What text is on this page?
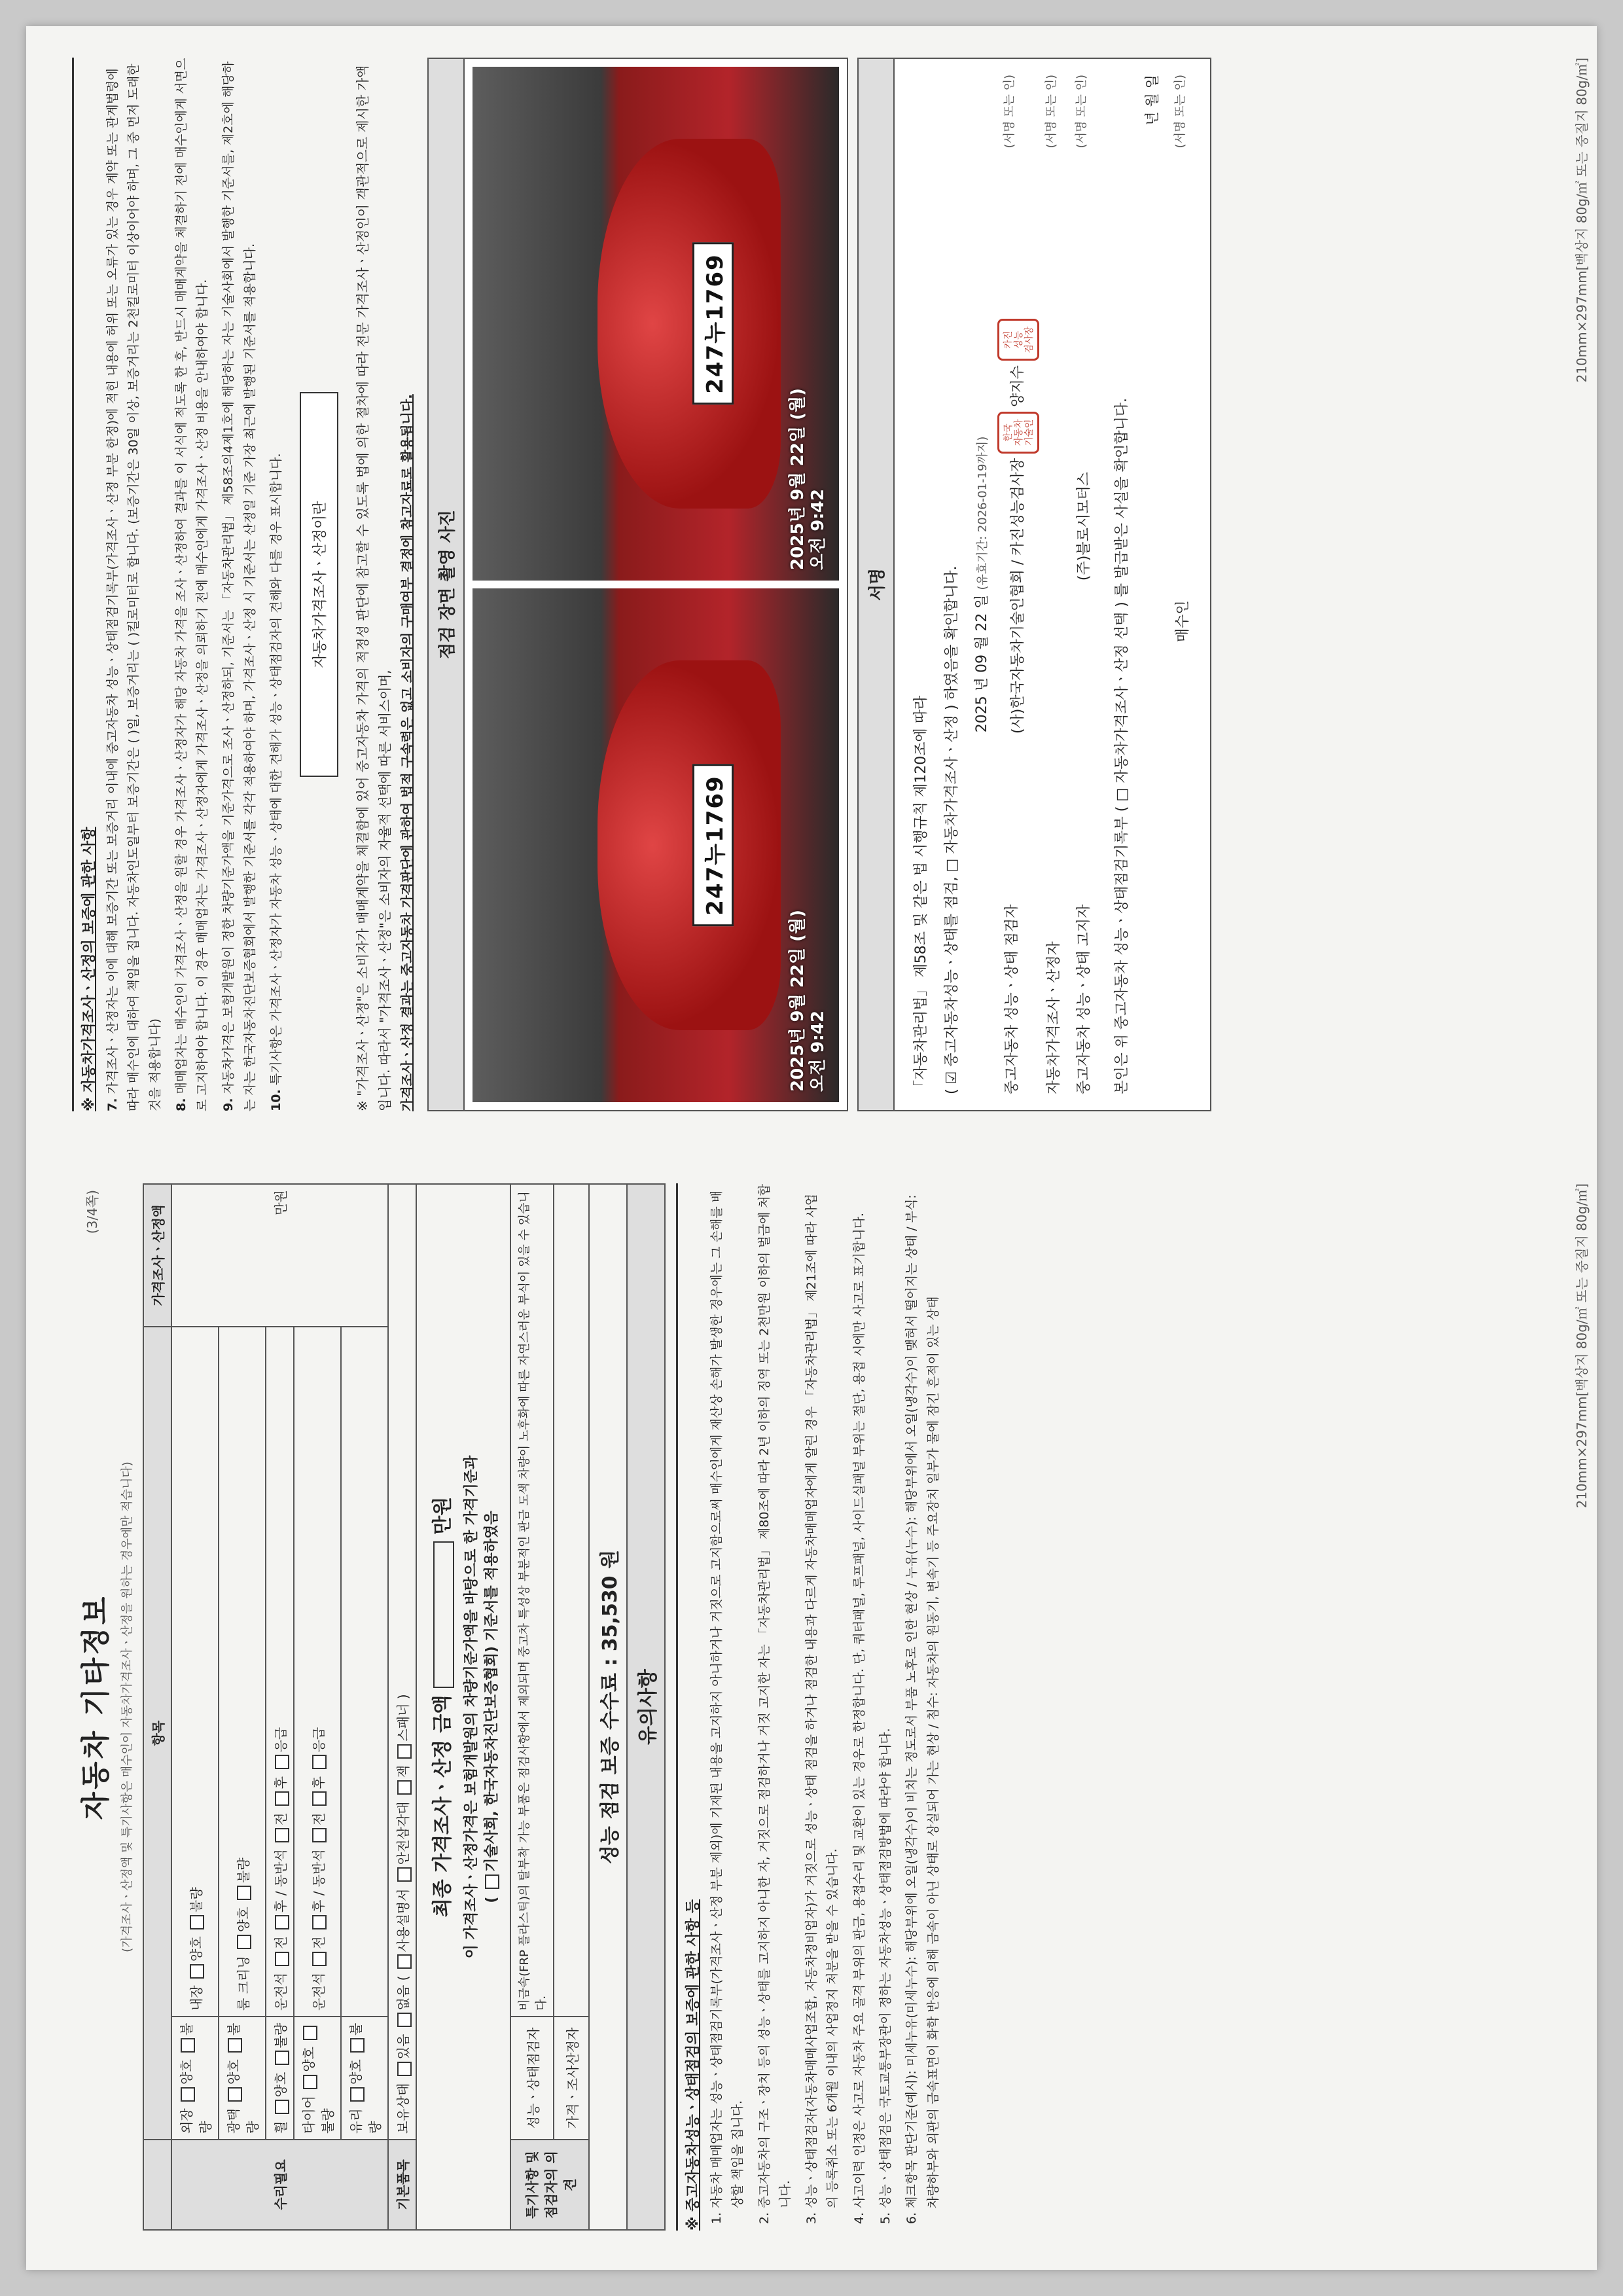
(3/4쪽)
자동차 기타정보 (가격조사ㆍ산정액 및 특기사항은 매수인이 자동차가격조사ㆍ산정을 원하는 경우에만 적습니다)
	항목		가격조사ㆍ산정액
수리필요	외장 양호 불량	내장 양호 불량	만원
	광택 양호 불량	룸 크리닝 양호 불량	
	휠 양호 불량	운전석 전 후 / 동반석 전 후 응급	
	타이어 양호 불량	운전석 전 후 / 동반석 전 후 응급	
	유리 양호 불량		
기본품목	보유상태 있음 없음 ( 사용설명서 안전삼각대 잭 스패너 )		

최종 가격조사ㆍ산정 금액  만원 이 가격조사ㆍ산정가격은 보험개발원의 차량기준가액을 바탕으로 한 가격기준과 ( 기술사회, 한국자동차진단보증협회) 기준서를 적용하였음			

특기사항 및 점검자의 의견	성능ㆍ상태점검자	비금속(FRP 플라스틱)의 탈부착 가능 부품은 점검사항에서 제외되며 중고차 특성상 부분적인 판금 도색 차량이 노후화에 따른 자연스러운 부식이 있을 수 있습니다.	
	가격ㆍ조사산정자		
성능 점검 보증 수수료 : 35,530 원			
유의사항			
※ 중고자동차성능ㆍ상태점검의 보증에 관한 사항 등 1. 자동차 매매업자는 성능ㆍ상태점검기록부(가격조사ㆍ산정 부분 제외)에 기재된 내용을 고지하지 아니하거나 거짓으로 고지함으로써 매수인에게 재산상 손해가 발생한 경우에는 그 손해를 배상할 책임을 집니다. 2. 중고자동차의 구조ㆍ장치 등의 성능ㆍ상태를 고지하지 아니한 자, 거짓으로 점검하거나 거짓 고지한 자는 「자동차관리법」 제80조에 따라 2년 이하의 징역 또는 2천만원 이하의 벌금에 처합니다. 3. 성능ㆍ상태점검자(자동차매매사업조합, 자동차정비업자)가 거짓으로 성능ㆍ상태 점검을 하거나 점검한 내용과 다르게 자동차매매업자에게 알린 경우 「자동차관리법」 제21조에 따라 사업의 등록취소 또는 6개월 이내의 사업정지 처분을 받을 수 있습니다. 4. 사고이력 인정은 사고로 자동차 주요 골격 부위의 판금, 용접수리 및 교환이 있는 경우로 한정합니다. 단, 쿼터패널, 루프패널, 사이드실패널 부위는 절단, 용접 시에만 사고로 표기합니다. 5. 성능ㆍ상태점검은 국토교통부장관이 정하는 자동차성능ㆍ상태점검방법에 따라야 합니다. 6. 체크항목 판단기준(예시): 미세누유(미세누수): 해당부위에 오일(냉각수)이 비치는 정도로서 부품 노후로 인한 현상 / 누유(누수): 해당부위에서 오일(냉각수)이 맺혀서 떨어지는 상태 / 부식: 차량하부와 외판의 금속표면이 화학 반응에 의해 금속이 아닌 상태로 상실되어 가는 현상 / 침수: 자동차의 원동기, 변속기 등 주요장치 일부가 물에 잠긴 흔적이 있는 상태	210mm×297mm[백상지 80g/㎡ 또는 중질지 80g/㎡]
※ 자동차가격조사ㆍ산정의 보증에 관한 사항 7. 가격조사ㆍ산정자는 이에 대해 보증기간 또는 보증거리 이내에 중고자동차 성능ㆍ상태점검기록부(가격조사ㆍ산정 부분 한정)에 적힌 내용에 허위 또는 오류가 있는 경우 계약 또는 관계법령에 따라 매수인에 대하여 책임을 집니다. 자동차인도일부터 보증기간은 ( )일, 보증거리는 ( )킬로미터로 합니다. (보증기간은 30일 이상, 보증거리는 2천킬로미터 이상이어야 하며, 그 중 먼저 도래한 것을 적용합니다) 8. 매매업자는 매수인이 가격조사ㆍ산정을 원할 경우 가격조사ㆍ산정자가 해당 자동차 가격을 조사ㆍ산정하여 결과를 이 서식에 적도록 한 후, 반드시 매매계약을 체결하기 전에 매수인에게 서면으로 고지하여야 합니다. 이 경우 매매업자는 가격조사ㆍ산정자에게 가격조사ㆍ산정을 의뢰하기 전에 매수인에게 가격조사ㆍ산정 비용을 안내하여야 합니다. 9. 자동차가격은 보험개발원이 정한 차량기준가액을 기준가격으로 조사ㆍ산정하되, 기준서는 「자동차관리법」 제58조의4제1호에 해당하는 자는 기술사회에서 발행한 기준서를, 제2호에 해당하는 자는 한국자동차진단보증협회에서 발행한 기준서를 각각 적용하여야 하며, 가격조사ㆍ산정 시 기준서는 산정일 기준 가장 최근에 발행된 기준서를 적용합니다. 10. 특기사항은 가격조사ㆍ산정자가 자동차 성능ㆍ상태에 대한 견해가 성능ㆍ상태점검자의 견해와 다를 경우 표시합니다.	자동차가격조사ㆍ산정이란	※ "가격조사ㆍ산정"은 소비자가 매매계약을 체결함에 있어 중고자동차 가격의 적정성 판단에 참고할 수 있도록 법에 의한 절차에 따라 전문 가격조사ㆍ산정인이 객관적으로 제시한 가액입니다. 따라서 "가격조사ㆍ산정"은 소비자의 자율적 선택에 따른 서비스이며, 가격조사ㆍ산정 결과는 중고자동차 가격판단에 관하여 법적 구속력은 없고 소비자의 구매여부 결정에 참고자료로 활용됩니다.	점검 장면 촬영 사진
247누1769
2025년 9월 22일 (월)
오전 9:42
247누1769
2025년 9월 22일 (월)
오전 9:42
서명
「자동차관리법」 제58조 및 같은 법 시행규칙 제120조에 따라 ( ☑ 중고자동차성능ㆍ상태를 점검, □ 자동차가격조사ㆍ산정 ) 하였음을 확인합니다. 2025 년 09 월 22 일 (유효기간: 2026-01-19까지)
중고자동차 성능ㆍ상태 점검자
(사)한국자동차기술인협회 / 카진성능검사장 한국
자동차
기술인 양지수 카진
성능
검사장
(서명 또는 인)
자동차가격조사ㆍ산정자
(서명 또는 인)
중고자동차 성능ㆍ상태 고지자
(주)블로시모터스
(서명 또는 인)
본인은 위 중고자동차 성능ㆍ상태점검기록부 ( □ 자동차가격조사ㆍ산정 선택 ) 를 발급받은 사실을 확인합니다.
년 월 일
매수인
(서명 또는 인)	210mm×297mm[백상지 80g/㎡ 또는 중질지 80g/㎡]
